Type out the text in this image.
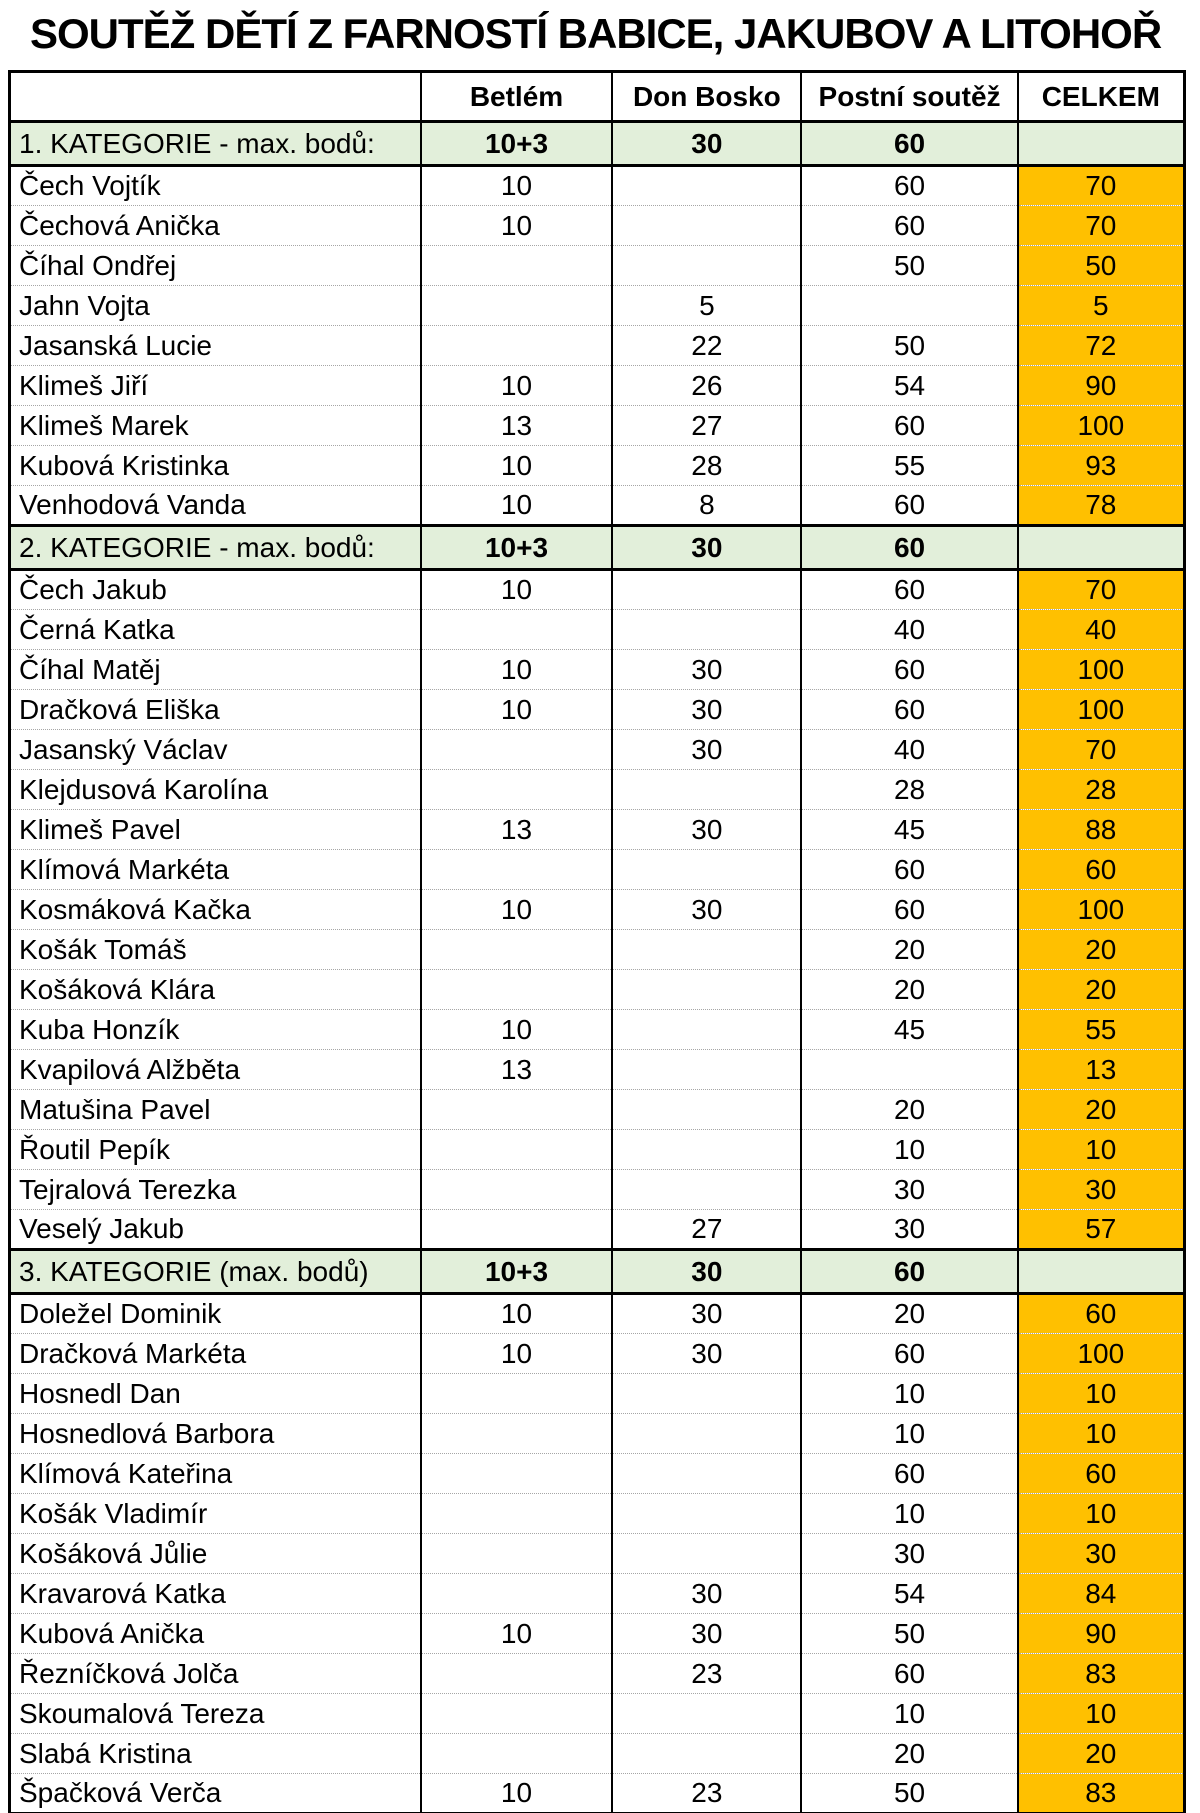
SOUTĚŽ DĚTÍ Z FARNOSTÍ BABICE, JAKUBOV A LITOHOŘ
	Betlém	Don Bosko	Postní soutěž	CELKEM
1. KATEGORIE - max. bodů:	10+3	30	60	
Čech Vojtík	10		60	70
Čechová Anička	10		60	70
Číhal Ondřej			50	50
Jahn Vojta		5		5
Jasanská Lucie		22	50	72
Klimeš Jiří	10	26	54	90
Klimeš Marek	13	27	60	100
Kubová Kristinka	10	28	55	93
Venhodová Vanda	10	8	60	78
2. KATEGORIE - max. bodů:	10+3	30	60	
Čech Jakub	10		60	70
Černá Katka			40	40
Číhal Matěj	10	30	60	100
Dračková Eliška	10	30	60	100
Jasanský Václav		30	40	70
Klejdusová Karolína			28	28
Klimeš Pavel	13	30	45	88
Klímová Markéta			60	60
Kosmáková Kačka	10	30	60	100
Košák Tomáš			20	20
Košáková Klára			20	20
Kuba Honzík	10		45	55
Kvapilová Alžběta	13			13
Matušina Pavel			20	20
Řoutil Pepík			10	10
Tejralová Terezka			30	30
Veselý Jakub		27	30	57
3. KATEGORIE (max. bodů)	10+3	30	60	
Doležel Dominik	10	30	20	60
Dračková Markéta	10	30	60	100
Hosnedl Dan			10	10
Hosnedlová Barbora			10	10
Klímová Kateřina			60	60
Košák Vladimír			10	10
Košáková Jůlie			30	30
Kravarová Katka		30	54	84
Kubová Anička	10	30	50	90
Řezníčková Jolča		23	60	83
Skoumalová Tereza			10	10
Slabá Kristina			20	20
Špačková Verča	10	23	50	83
